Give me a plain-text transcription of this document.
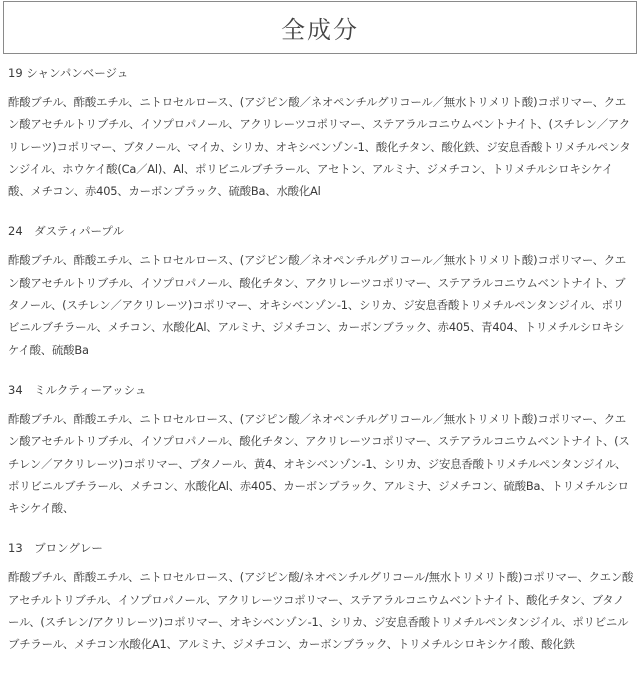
全成分
19 シャンパンベージュ
酢酸ブチル、酢酸エチル、ニトロセルロース、(アジピン酸／ネオペンチルグリコール／無水トリメリト酸)コポリマー、クエン酸アセチルトリブチル、イソプロパノール、アクリレーツコポリマー、ステアラルコニウムベントナイト、(スチレン／アクリレーツ)コポリマー、ブタノール、マイカ、シリカ、オキシベンゾン-1、酸化チタン、酸化鉄、ジ安息香酸トリメチルペンタンジイル、ホウケイ酸(Ca／Al)、Al、ポリビニルブチラール、アセトン、アルミナ、ジメチコン、トリメチルシロキシケイ酸、メチコン、赤405、カーボンブラック、硫酸Ba、水酸化Al
24　ダスティパープル
酢酸ブチル、酢酸エチル、ニトロセルロース、(アジピン酸／ネオペンチルグリコール／無水トリメリト酸)コポリマー、クエン酸アセチルトリブチル、イソプロパノール、酸化チタン、アクリレーツコポリマー、ステアラルコニウムベントナイト、ブタノール、(スチレン／アクリレーツ)コポリマー、オキシベンゾン-1、シリカ、ジ安息香酸トリメチルペンタンジイル、ポリビニルブチラール、メチコン、水酸化Al、アルミナ、ジメチコン、カーボンブラック、赤405、青404、トリメチルシロキシケイ酸、硫酸Ba
34　ミルクティーアッシュ
酢酸ブチル、酢酸エチル、ニトロセルロース、(アジピン酸／ネオペンチルグリコール／無水トリメリト酸)コポリマー、クエン酸アセチルトリブチル、イソプロパノール、酸化チタン、アクリレーツコポリマー、ステアラルコニウムベントナイト、(スチレン／アクリレーツ)コポリマー、ブタノール、黄4、オキシベンゾン-1、シリカ、ジ安息香酸トリメチルペンタンジイル、ポリビニルブチラール、メチコン、水酸化Al、赤405、カーボンブラック、アルミナ、ジメチコン、硫酸Ba、トリメチルシロキシケイ酸、
13　ブロングレー
酢酸ブチル、酢酸エチル、ニトロセルロース、(アジピン酸/ネオペンチルグリコール/無水トリメリト酸)コポリマー、クエン酸アセチルトリブチル、イソプロパノール、アクリレーツコポリマー、ステアラルコニウムベントナイト、酸化チタン、ブタノール、(スチレン/アクリレーツ)コポリマー、オキシベンゾン-1、シリカ、ジ安息香酸トリメチルペンタンジイル、ポリビニルブチラール、メチコン水酸化A1、アルミナ、ジメチコン、カーボンブラック、トリメチルシロキシケイ酸、酸化鉄
